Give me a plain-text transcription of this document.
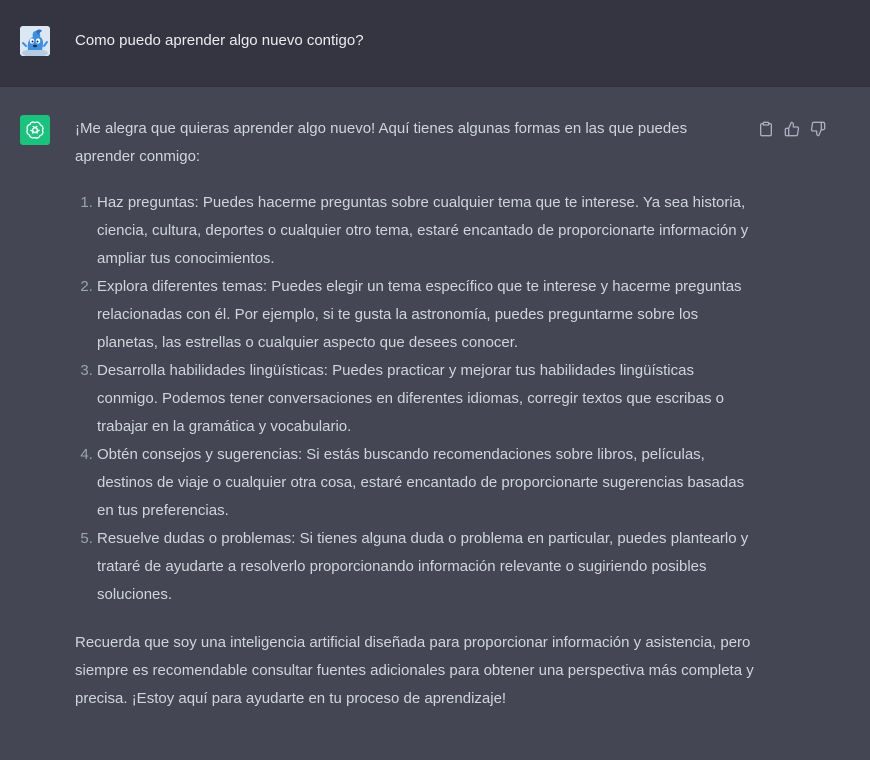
Como puedo aprender algo nuevo contigo?

¡Me alegra que quieras aprender algo nuevo! Aquí tienes algunas formas en las que puedes aprender conmigo:

1. Haz preguntas: Puedes hacerme preguntas sobre cualquier tema que te interese. Ya sea historia, ciencia, cultura, deportes o cualquier otro tema, estaré encantado de proporcionarte información y ampliar tus conocimientos.
2. Explora diferentes temas: Puedes elegir un tema específico que te interese y hacerme preguntas relacionadas con él. Por ejemplo, si te gusta la astronomía, puedes preguntarme sobre los planetas, las estrellas o cualquier aspecto que desees conocer.
3. Desarrolla habilidades lingüísticas: Puedes practicar y mejorar tus habilidades lingüísticas conmigo. Podemos tener conversaciones en diferentes idiomas, corregir textos que escribas o trabajar en la gramática y vocabulario.
4. Obtén consejos y sugerencias: Si estás buscando recomendaciones sobre libros, películas, destinos de viaje o cualquier otra cosa, estaré encantado de proporcionarte sugerencias basadas en tus preferencias.
5. Resuelve dudas o problemas: Si tienes alguna duda o problema en particular, puedes plantearlo y trataré de ayudarte a resolverlo proporcionando información relevante o sugiriendo posibles soluciones.

Recuerda que soy una inteligencia artificial diseñada para proporcionar información y asistencia, pero siempre es recomendable consultar fuentes adicionales para obtener una perspectiva más completa y precisa. ¡Estoy aquí para ayudarte en tu proceso de aprendizaje!
